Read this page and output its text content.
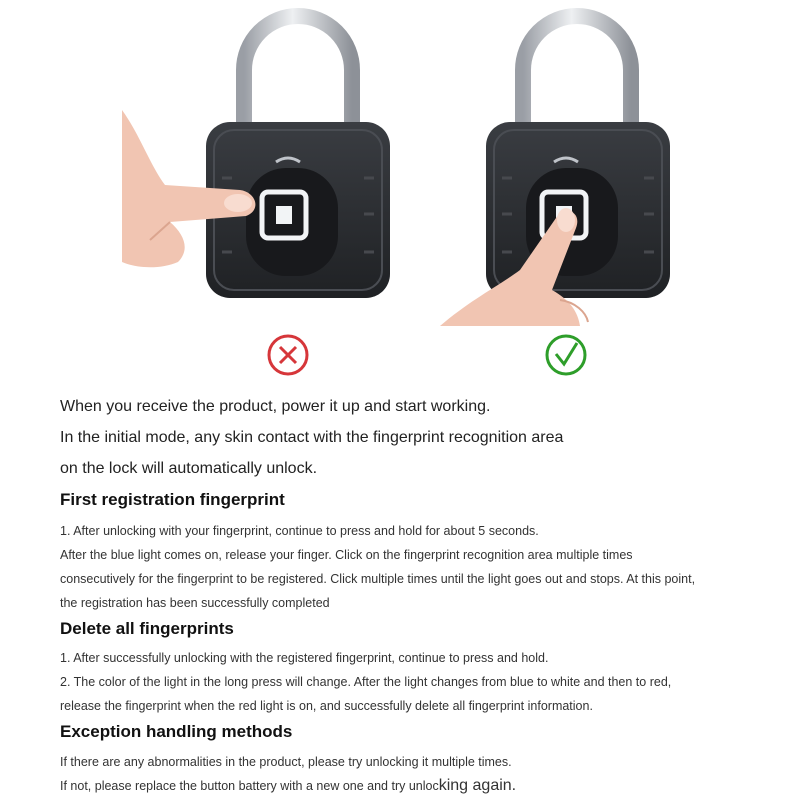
When you receive the product, power it up and start working.

In the initial mode, any skin contact with the fingerprint recognition area

on the lock will automatically unlock.

First registration fingerprint

1. After unlocking with your fingerprint, continue to press and hold for about 5 seconds.

After the blue light comes on, release your finger. Click on the fingerprint recognition area multiple times

consecutively for the fingerprint to be registered. Click multiple times until the light goes out and stops. At this point,

the registration has been successfully completed

Delete all fingerprints

1. After successfully unlocking with the registered fingerprint, continue to press and hold.

2. The color of the light in the long press will change. After the light changes from blue to white and then to red,

release the fingerprint when the red light is on, and successfully delete all fingerprint information.

Exception handling methods

If there are any abnormalities in the product, please try unlocking it multiple times.

If not, please replace the button battery with a new one and try unlocking again.
